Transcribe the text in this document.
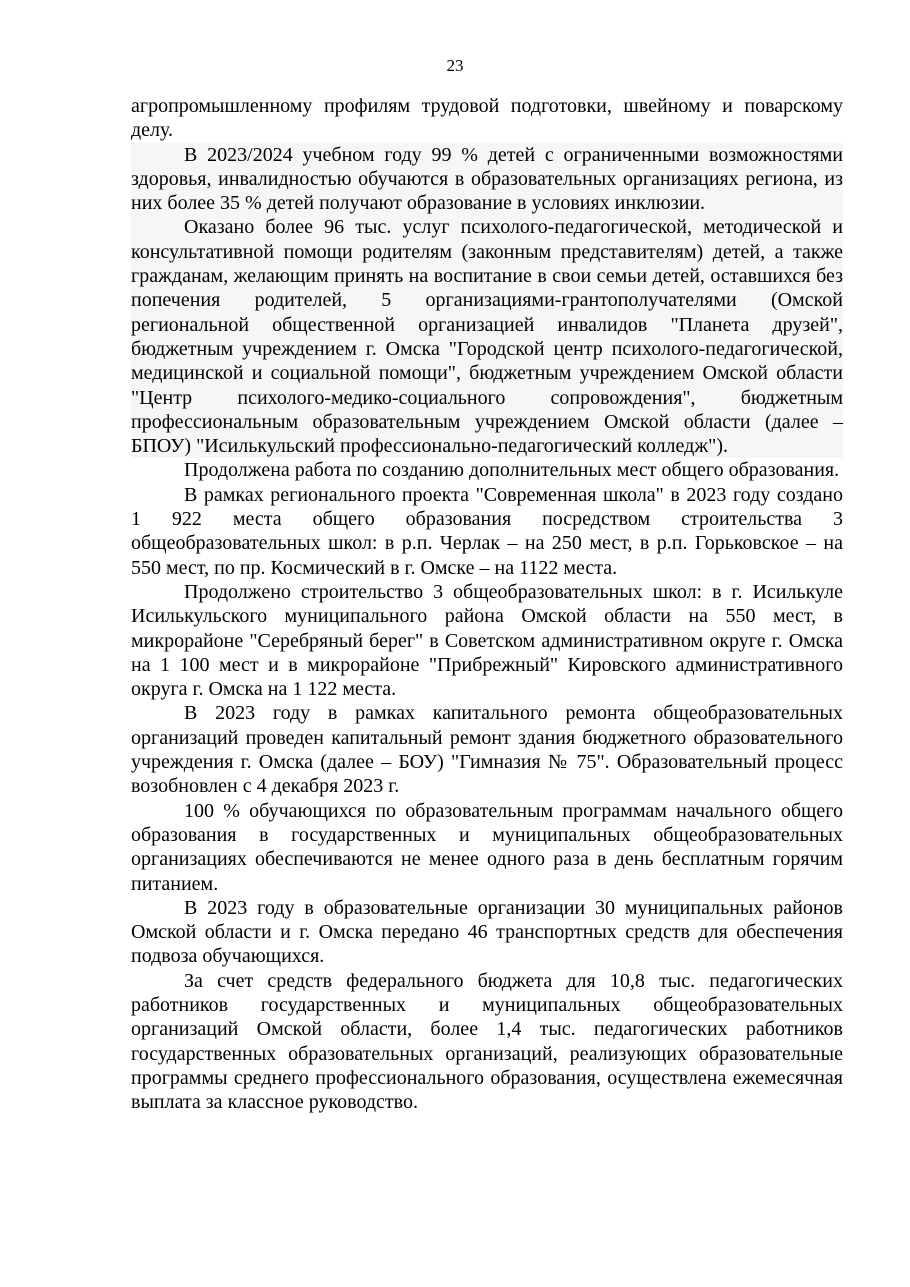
23

агропромышленному профилям трудовой подготовки, швейному и поварскому делу.

В 2023/2024 учебном году 99 % детей с ограниченными возможностями здоровья, инвалидностью обучаются в образовательных организациях региона, из них более 35 % детей получают образование в условиях инклюзии.

Оказано более 96 тыс. услуг психолого-педагогической, методической и консультативной помощи родителям (законным представителям) детей, а также гражданам, желающим принять на воспитание в свои семьи детей, оставшихся без попечения родителей, 5 организациями-грантополучателями (Омской региональной общественной организацией инвалидов "Планета друзей", бюджетным учреждением г. Омска "Городской центр психолого-педагогической, медицинской и социальной помощи", бюджетным учреждением Омской области "Центр психолого-медико-социального сопровождения", бюджетным профессиональным образовательным учреждением Омской области (далее – БПОУ) "Исилькульский профессионально-педагогический колледж").

Продолжена работа по созданию дополнительных мест общего образования.

В рамках регионального проекта "Современная школа" в 2023 году создано 1 922 места общего образования посредством строительства 3 общеобразовательных школ: в р.п. Черлак – на 250 мест, в р.п. Горьковское – на 550 мест, по пр. Космический в г. Омске – на 1122 места.

Продолжено строительство 3 общеобразовательных школ: в г. Исилькуле Исилькульского муниципального района Омской области на 550 мест, в микрорайоне "Серебряный берег" в Советском административном округе г. Омска на 1 100 мест и в микрорайоне "Прибрежный" Кировского административного округа г. Омска на 1 122 места.

В 2023 году в рамках капитального ремонта общеобразовательных организаций проведен капитальный ремонт здания бюджетного образовательного учреждения г. Омска (далее – БОУ) "Гимназия № 75". Образовательный процесс возобновлен с 4 декабря 2023 г.

100 % обучающихся по образовательным программам начального общего образования в государственных и муниципальных общеобразовательных организациях обеспечиваются не менее одного раза в день бесплатным горячим питанием.

В 2023 году в образовательные организации 30 муниципальных районов Омской области и г. Омска передано 46 транспортных средств для обеспечения подвоза обучающихся.

За счет средств федерального бюджета для 10,8 тыс. педагогических работников государственных и муниципальных общеобразовательных организаций Омской области, более 1,4 тыс. педагогических работников государственных образовательных организаций, реализующих образовательные программы среднего профессионального образования, осуществлена ежемесячная выплата за классное руководство.
